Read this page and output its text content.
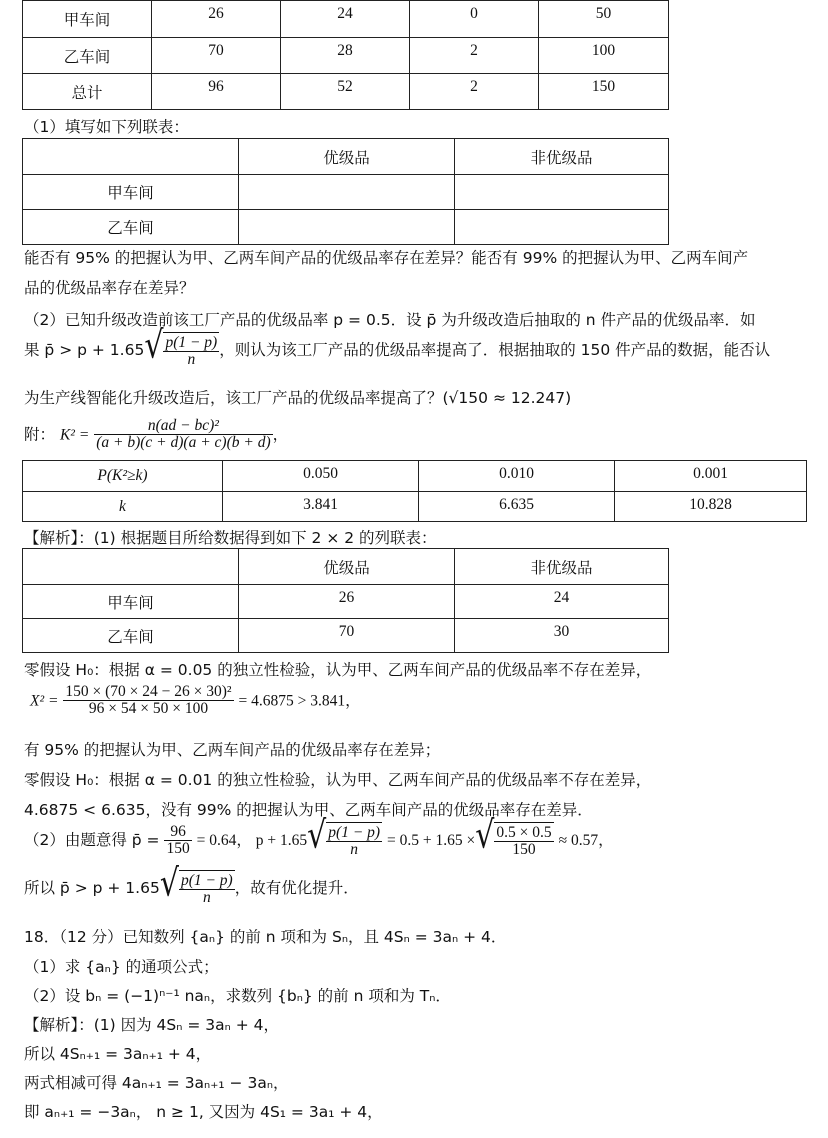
甲车间	26	24	0	50
乙车间	70	28	2	100
总计	96	52	2	150
（1）填写如下列联表：
	优级品	非优级品
甲车间		
乙车间		
能否有 95% 的把握认为甲、乙两车间产品的优级品率存在差异？能否有 99% 的把握认为甲、乙两车间产
品的优级品率存在差异？
（2）已知升级改造前该工厂产品的优级品率 p = 0.5．设 p̄ 为升级改造后抽取的 n 件产品的优级品率．如
果 p̄ > p + 1.65 √ $\frac{p(1 - p)}{n}$ ，则认为该工厂产品的优级品率提高了．根据抽取的 150 件产品的数据，能否认
为生产线智能化升级改造后，该工厂产品的优级品率提高了？(√150 ≈ 12.247)
附： $K^2 = \frac{\text{n(ad − bc)²}}{(a + b)(c + d)(a + c)(b + d)}$ ，
P(K²≥k)	0.050	0.010	0.001
k	3.841	6.635	10.828
【解析】：(1) 根据题目所给数据得到如下 2 × 2 的列联表：
	优级品	非优级品
甲车间	26	24
乙车间	70	30
零假设 H₀：根据 α = 0.05 的独立性检验，认为甲、乙两车间产品的优级品率不存在差异，
$X^2 = \frac{\text{150 × (70 × 24 − 26 × 30)²}}{96 \times 54 \times 50 \times 100} = 4.6875 > 3.841$，
有 95% 的把握认为甲、乙两车间产品的优级品率存在差异；
零假设 H₀：根据 α = 0.01 的独立性检验，认为甲、乙两车间产品的优级品率不存在差异，
4.6875 < 6.635，没有 99% 的把握认为甲、乙两车间产品的优级品率存在差异．
（2）由题意得 p̄ = $\frac{96}{150} = 0.64$， p + 1.65 √ $\frac{p(1 - p)}{n} = 0.5 + 1.65$ × √ $\frac{0.5 \times 0.5}{150} \approx 0.57$，
所以 p̄ > p + 1.65 √ $\frac{p(1 - p)}{n}$ ，故有优化提升．
18．（12 分）已知数列 {aₙ} 的前 n 项和为 Sₙ，且 4Sₙ = 3aₙ + 4．
（1）求 {aₙ} 的通项公式；
（2）设 bₙ = (−1)ⁿ⁻¹ naₙ，求数列 {bₙ} 的前 n 项和为 Tₙ．
【解析】：(1) 因为 4Sₙ = 3aₙ + 4，
所以 4Sₙ₊₁ = 3aₙ₊₁ + 4，
两式相减可得 4aₙ₊₁ = 3aₙ₊₁ − 3aₙ，
即 aₙ₊₁ = −3aₙ， n ≥ 1, 又因为 4S₁ = 3a₁ + 4，
